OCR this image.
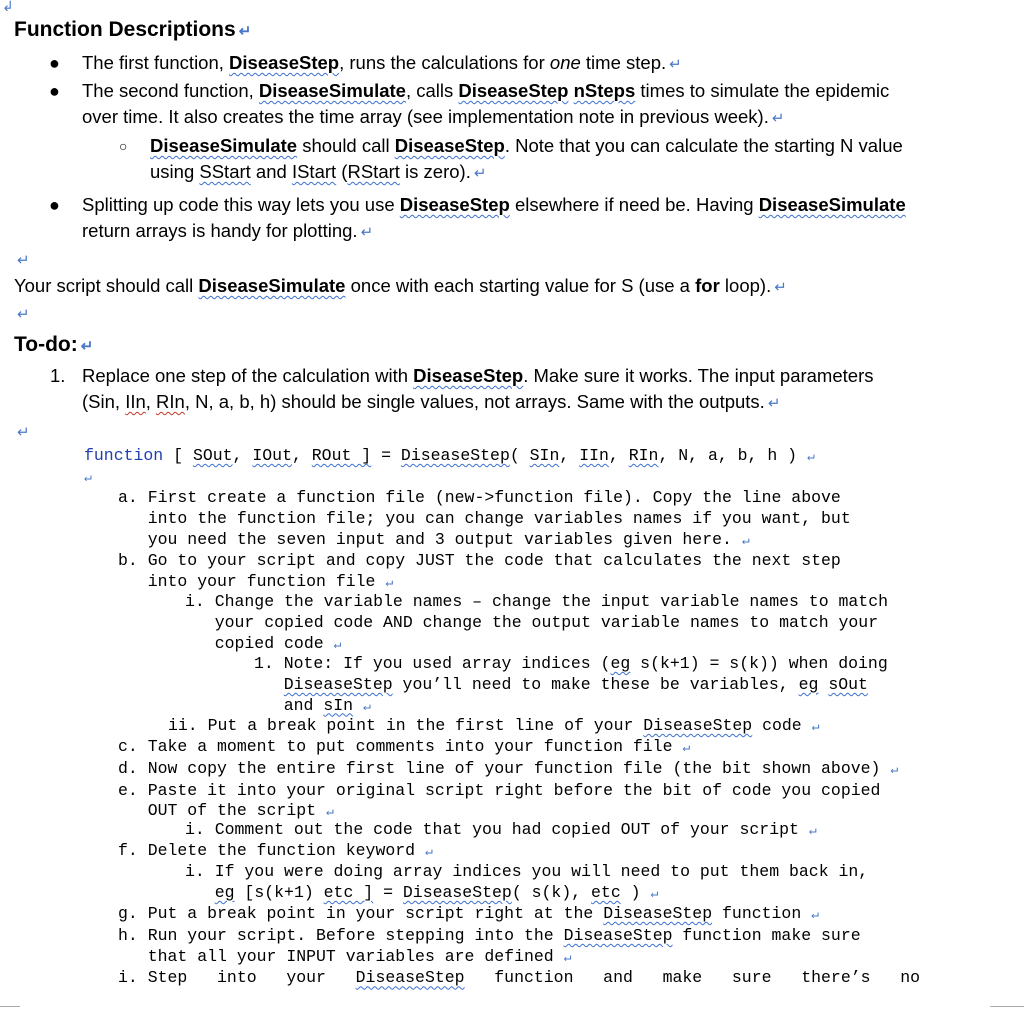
↲
Function Descriptions ↵
● The first function, DiseaseStep, runs the calculations for one time step. ↵
● The second function, DiseaseSimulate, calls DiseaseStep nSteps times to simulate the epidemic
over time. It also creates the time array (see implementation note in previous week). ↵
○ DiseaseSimulate should call DiseaseStep. Note that you can calculate the starting N value
using SStart and IStart (RStart is zero). ↵
● Splitting up code this way lets you use DiseaseStep elsewhere if need be. Having DiseaseSimulate
return arrays is handy for plotting. ↵
↵
Your script should call DiseaseSimulate once with each starting value for S (use a for loop). ↵
↵
To-do: ↵
1. Replace one step of the calculation with DiseaseStep. Make sure it works. The input parameters
(Sin, IIn, RIn, N, a, b, h) should be single values, not arrays. Same with the outputs. ↵
↵
function [ SOut, IOut, ROut ] = DiseaseStep( SIn, IIn, RIn, N, a, b, h ) ↵
↵
a. First create a function file (new->function file). Copy the line above
into the function file; you can change variables names if you want, but
you need the seven input and 3 output variables given here. ↵
b. Go to your script and copy JUST the code that calculates the next step
into your function file ↵
i. Change the variable names – change the input variable names to match
your copied code AND change the output variable names to match your
copied code ↵
1. Note: If you used array indices (eg s(k+1) = s(k)) when doing
DiseaseStep you’ll need to make these be variables, eg sOut
and sIn ↵
ii. Put a break point in the first line of your DiseaseStep code ↵
c. Take a moment to put comments into your function file ↵
d. Now copy the entire first line of your function file (the bit shown above) ↵
e. Paste it into your original script right before the bit of code you copied
OUT of the script ↵
i. Comment out the code that you had copied OUT of your script ↵
f. Delete the function keyword ↵
i. If you were doing array indices you will need to put them back in,
eg [s(k+1) etc ] = DiseaseStep( s(k), etc ) ↵
g. Put a break point in your script right at the DiseaseStep function ↵
h. Run your script. Before stepping into the DiseaseStep function make sure
that all your INPUT variables are defined ↵
i. Step   into   your   DiseaseStep   function   and   make   sure   there’s   no
